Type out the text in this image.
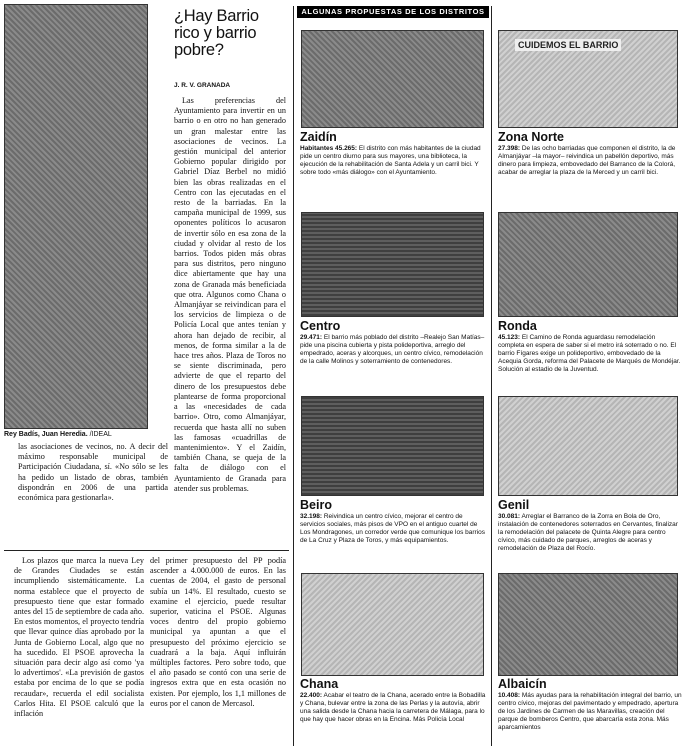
Rey Badís, Juan Heredia. /IDEAL
las asociaciones de vecinos, no. A decir del máximo responsable municipal de Participación Ciudadana, sí. «No sólo se les ha pedido un listado de obras, también dispondrán en 2006 de una partida económica para gestionarla».
¿Hay Barrio rico y barrio pobre?
J. R. V. GRANADA
Las preferencias del Ayuntamiento para invertir en un barrio o en otro no han generado un gran malestar entre las asociaciones de vecinos. La gestión municipal del anterior Gobierno popular dirigido por Gabriel Díaz Berbel no midió bien las obras realizadas en el Centro con las ejecutadas en el resto de la barriadas. En la campaña municipal de 1999, sus oponentes políticos lo acusaron de invertir sólo en esa zona de la ciudad y olvidar al resto de los barrios. Todos piden más obras para sus distritos, pero ninguno dice abiertamente que hay una zona de Granada más beneficiada que otra. Algunos como Chana o Almanjáyar se reivindican para el los servicios de limpieza o de Policía Local que antes tenían y ahora han dejado de recibir, al menos, de forma similar a la de hace tres años. Plaza de Toros no se siente discriminada, pero advierte de que el reparto del dinero de los presupuestos debe plantearse de forma proporcional a las «necesidades de cada barrio». Otro, como Almanjáyar, recuerda que hasta allí no suben las famosas «cuadrillas de mantenimiento». Y el Zaidín, también Chana, se queja de la falta de diálogo con el Ayuntamiento de Granada para atender sus problemas.
Los plazos que marca la nueva Ley de Grandes Ciudades se están incumpliendo sistemáticamente. La norma establece que el proyecto de presupuesto tiene que estar formado antes del 15 de septiembre de cada año. En estos momentos, el proyecto tendría que llevar quince días aprobado por la Junta de Gobierno Local, algo que no ha sucedido. El PSOE aprovecha la situación para decir algo así como 'ya lo advertimos'. «La previsión de gastos estaba por encima de lo que se podía recaudar», recuerda el edil socialista Carlos Hita. El PSOE calculó que la inflación
del primer presupuesto del PP podía ascender a 4.000.000 de euros. En las cuentas de 2004, el gasto de personal subía un 14%. El resultado, cuesto se examine el ejercicio, puede resultar superior, vaticina el PSOE. Algunas voces dentro del propio gobierno municipal ya apuntan a que el presupuesto del próximo ejercicio se cuadrará a la baja. Aquí influirán múltiples factores. Pero sobre todo, que el año pasado se contó con una serie de ingresos extra que en esta ocasión no existen. Por ejemplo, los 1,1 millones de euros por el canon de Mercasol.
ALGUNAS PROPUESTAS DE LOS DISTRITOS
CUIDEMOS EL BARRIO
Zaidín
Habitantes 45.265: El distrito con más habitantes de la ciudad pide un centro diurno para sus mayores, una biblioteca, la ejecución de la rehabilitación de Santa Adela y un carril bici. Y sobre todo «más diálogo» con el Ayuntamiento.
Zona Norte
27.398: De las ocho barriadas que componen el distrito, la de Almanjáyar –la mayor– reivindica un pabellón deportivo, más dinero para limpieza, embovedado del Barranco de la Colorá, acabar de arreglar la plaza de la Merced y un carril bici.
Centro
29.471: El barrio más poblado del distrito –Realejo San Matías– pide una piscina cubierta y pista polideportiva, arreglo del empedrado, aceras y alcorques, un centro cívico, remodelación de la calle Molinos y soterramiento de contenedores.
Ronda
45.123: El Camino de Ronda aguardasu remodelación completa en espera de saber si el metro irá soterrado o no. El barrio Fígares exige un polideportivo, embovedado de la Acequia Gorda, reforma del Palacete de Marqués de Mondéjar. Solución al estadio de la Juventud.
Beiro
32.198: Reivindica un centro cívico, mejorar el centro de servicios sociales, más pisos de VPO en el antiguo cuartel de Los Mondragones, un corredor verde que comunique los barrios de La Cruz y Plaza de Toros, y más equipamientos.
Genil
30.081: Arreglar el Barranco de la Zorra en Bola de Oro, instalación de contenedores soterrados en Cervantes, finalizar la remodelación del palacete de Quinta Alegre para centro cívico, más cuidado de parques, arreglos de aceras y remodelación de Plaza del Rocío.
Chana
22.400: Acabar el teatro de la Chana, acerado entre la Bobadilla y Chana, bulevar entre la zona de las Perlas y la autovía, abrir una salida desde la Chana hacia la carretera de Málaga, para lo que hay que hacer obras en la Encina. Más Policía Local
Albaicín
10.408: Más ayudas para la rehabilitación integral del barrio, un centro cívico, mejoras del pavimentado y empedrado, apertura de los Jardines de Carmen de las Maravillas, creación del parque de bomberos Centro, que abarcaría esta zona. Más aparcamientos
